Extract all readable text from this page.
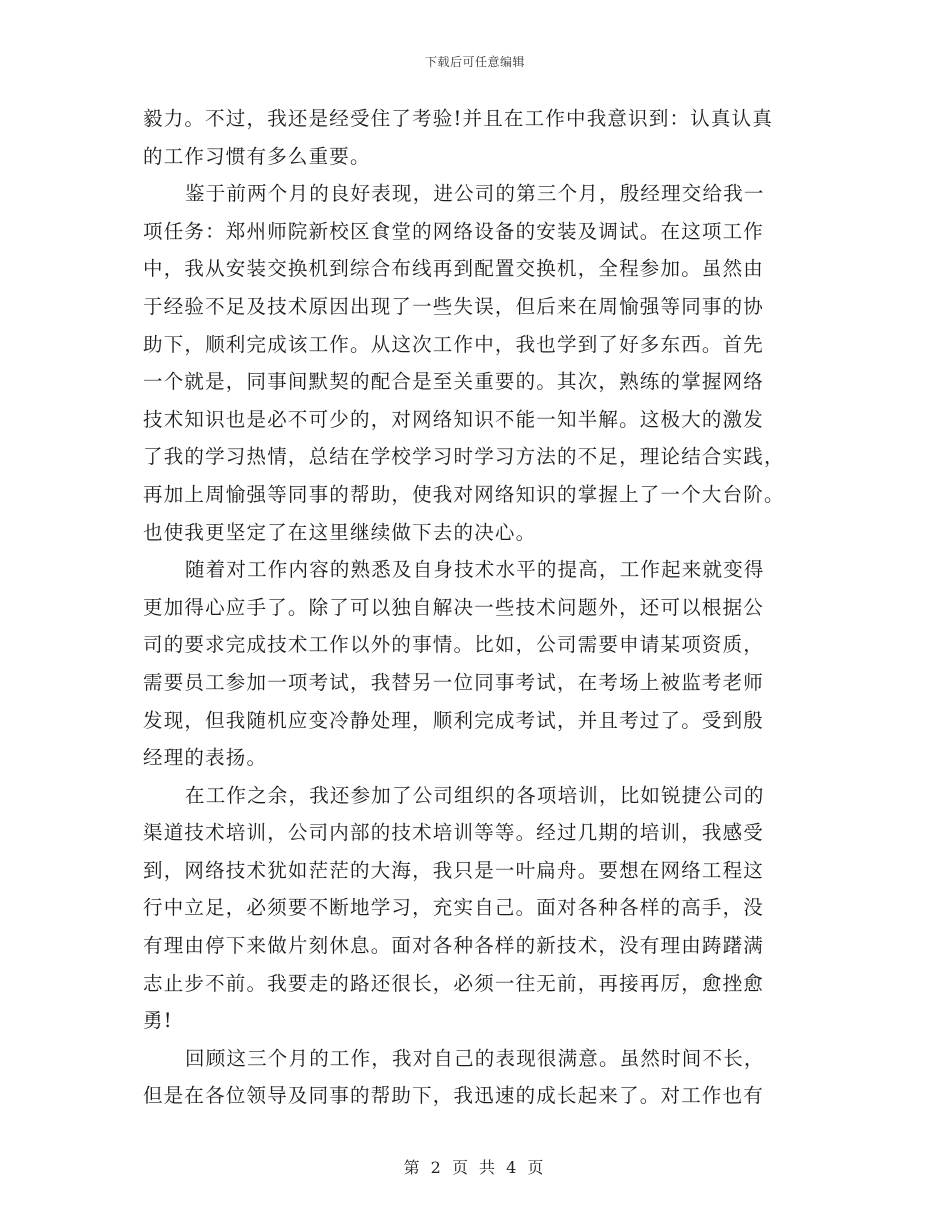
下载后可任意编辑
毅力。不过，我还是经受住了考验!并且在工作中我意识到：认真认真
的工作习惯有多么重要。
鉴于前两个月的良好表现，进公司的第三个月，殷经理交给我一
项任务：郑州师院新校区食堂的网络设备的安装及调试。在这项工作
中，我从安装交换机到综合布线再到配置交换机，全程参加。虽然由
于经验不足及技术原因出现了一些失误，但后来在周愉强等同事的协
助下，顺利完成该工作。从这次工作中，我也学到了好多东西。首先
一个就是，同事间默契的配合是至关重要的。其次，熟练的掌握网络
技术知识也是必不可少的，对网络知识不能一知半解。这极大的激发
了我的学习热情，总结在学校学习时学习方法的不足，理论结合实践，
再加上周愉强等同事的帮助，使我对网络知识的掌握上了一个大台阶。
也使我更坚定了在这里继续做下去的决心。
随着对工作内容的熟悉及自身技术水平的提高，工作起来就变得
更加得心应手了。除了可以独自解决一些技术问题外，还可以根据公
司的要求完成技术工作以外的事情。比如，公司需要申请某项资质，
需要员工参加一项考试，我替另一位同事考试，在考场上被监考老师
发现，但我随机应变冷静处理，顺利完成考试，并且考过了。受到殷
经理的表扬。
在工作之余，我还参加了公司组织的各项培训，比如锐捷公司的
渠道技术培训，公司内部的技术培训等等。经过几期的培训，我感受
到，网络技术犹如茫茫的大海，我只是一叶扁舟。要想在网络工程这
行中立足，必须要不断地学习，充实自己。面对各种各样的高手，没
有理由停下来做片刻休息。面对各种各样的新技术，没有理由踌躇满
志止步不前。我要走的路还很长，必须一往无前，再接再厉，愈挫愈
勇!
回顾这三个月的工作，我对自己的表现很满意。虽然时间不长，
但是在各位领导及同事的帮助下，我迅速的成长起来了。对工作也有
第 2 页 共 4 页
